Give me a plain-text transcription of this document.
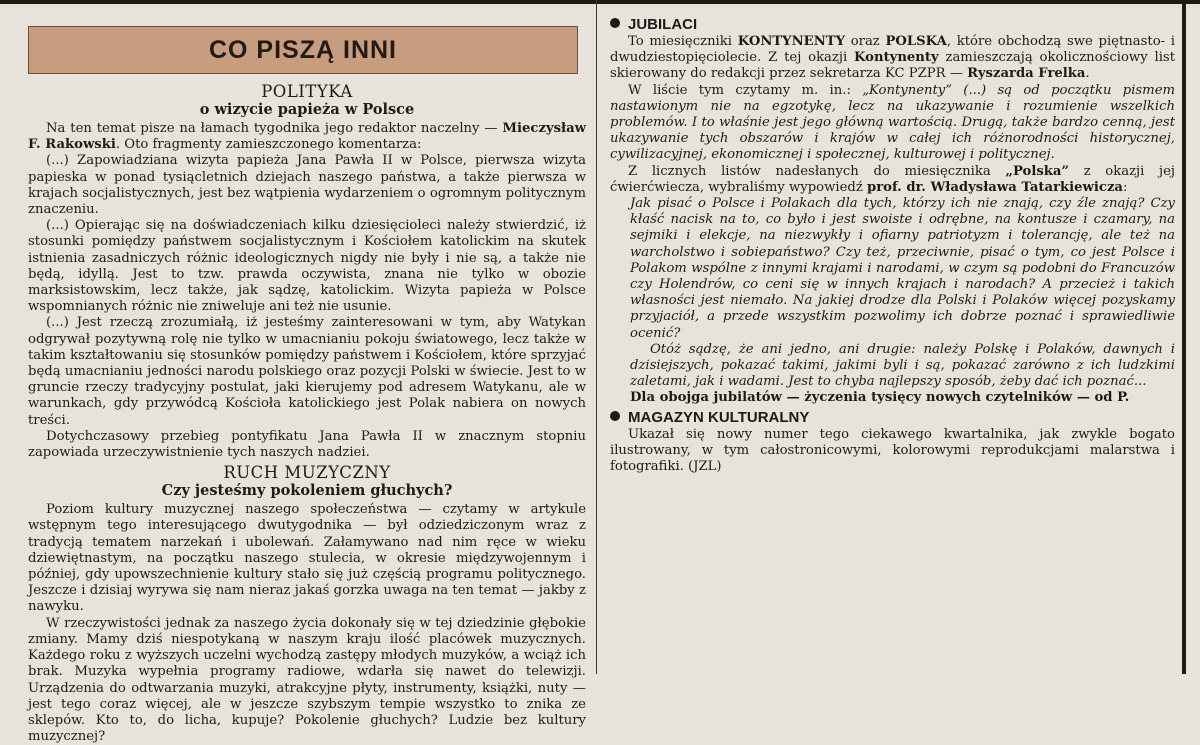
CO PISZĄ INNI
POLITYKA
o wizycie papieża w Polsce

Na ten temat pisze na łamach tygodnika jego redaktor naczelny — Mieczysław F. Rakowski. Oto fragmenty zamieszczonego komentarza:

(...) Zapowiadziana wizyta papieża Jana Pawła II w Polsce, pierwsza wizyta papieska w ponad tysiącletnich dziejach naszego państwa, a także pierwsza w krajach socjalistycznych, jest bez wątpienia wydarzeniem o ogromnym politycznym znaczeniu.

(...) Opierając się na doświadczeniach kilku dziesięcioleci należy stwierdzić, iż stosunki pomiędzy państwem socjalistycznym i Kościołem katolickim na skutek istnienia zasadniczych różnic ideologicznych nigdy nie były i nie są, a także nie będą, idyllą. Jest to tzw. prawda oczywista, znana nie tylko w obozie marksistowskim, lecz także, jak sądzę, katolickim. Wizyta papieża w Polsce wspomnianych różnic nie zniweluje ani też nie usunie.

(...) Jest rzeczą zrozumiałą, iż jesteśmy zainteresowani w tym, aby Watykan odgrywał pozytywną rolę nie tylko w umacnianiu pokoju światowego, lecz także w takim kształtowaniu się stosunków pomiędzy państwem i Kościołem, które sprzyjać będą umacnianiu jedności narodu polskiego oraz pozycji Polski w świecie. Jest to w gruncie rzeczy tradycyjny postulat, jaki kierujemy pod adresem Watykanu, ale w warunkach, gdy przywódcą Kościoła katolickiego jest Polak nabiera on nowych treści.

Dotychczasowy przebieg pontyfikatu Jana Pawła II w znacznym stopniu zapowiada urzeczywistnienie tych naszych nadziei.

RUCH MUZYCZNY
Czy jesteśmy pokoleniem głuchych?

Poziom kultury muzycznej naszego społeczeństwa — czytamy w artykule wstępnym tego interesującego dwutygodnika — był odziedziczonym wraz z tradycją tematem narzekań i ubolewań. Załamywano nad nim ręce w wieku dziewiętnastym, na początku naszego stulecia, w okresie międzywojennym i później, gdy upowszechnienie kultury stało się już częścią programu politycznego. Jeszcze i dzisiaj wyrywa się nam nieraz jakaś gorzka uwaga na ten temat — jakby z nawyku.

W rzeczywistości jednak za naszego życia dokonały się w tej dziedzinie głębokie zmiany. Mamy dziś niespotykaną w naszym kraju ilość placówek muzycznych. Każdego roku z wyższych uczelni wychodzą zastępy młodych muzyków, a wciąż ich brak. Muzyka wypełnia programy radiowe, wdarła się nawet do telewizji. Urządzenia do odtwarzania muzyki, atrakcyjne płyty, instrumenty, książki, nuty — jest tego coraz więcej, ale w jeszcze szybszym tempie wszystko to znika ze sklepów. Kto to, do licha, kupuje? Pokolenie głuchych? Ludzie bez kultury muzycznej?

JUBILACI

To miesięczniki KONTYNENTY oraz POLSKA, które obchodzą swe piętnasto- i dwudziestopięciolecie. Z tej okazji Kontynenty zamieszczają okolicznościowy list skierowany do redakcji przez sekretarza KC PZPR — Ryszarda Frelka.

W liście tym czytamy m. in.: „Kontynenty” (...) są od początku pismem nastawionym nie na egzotykę, lecz na ukazywanie i rozumienie wszelkich problemów. I to właśnie jest jego główną wartością. Drugą, także bardzo cenną, jest ukazywanie tych obszarów i krajów w całej ich różnorodności historycznej, cywilizacyjnej, ekonomicznej i społecznej, kulturowej i politycznej.

Z licznych listów nadesłanych do miesięcznika „Polska” z okazji jej ćwierćwiecza, wybraliśmy wypowiedź prof. dr. Władysława Tatarkiewicza:

Jak pisać o Polsce i Polakach dla tych, którzy ich nie znają, czy źle znają? Czy kłaść nacisk na to, co było i jest swoiste i odrębne, na kontusze i czamary, na sejmiki i elekcje, na niezwykły i ofiarny patriotyzm i tolerancję, ale też na warcholstwo i sobiepaństwo? Czy też, przeciwnie, pisać o tym, co jest Polsce i Polakom wspólne z innymi krajami i narodami, w czym są podobni do Francuzów czy Holendrów, co ceni się w innych krajach i narodach? A przecież i takich własności jest niemało. Na jakiej drodze dla Polski i Polaków więcej pozyskamy przyjaciół, a przede wszystkim pozwolimy ich dobrze poznać i sprawiedliwie ocenić?

Otóż sądzę, że ani jedno, ani drugie: należy Polskę i Polaków, dawnych i dzisiejszych, pokazać takimi, jakimi byli i są, pokazać zarówno z ich ludzkimi zaletami, jak i wadami. Jest to chyba najlepszy sposób, żeby dać ich poznać...

Dla obojga jubilatów — życzenia tysięcy nowych czytelników — od P.

MAGAZYN KULTURALNY

Ukazał się nowy numer tego ciekawego kwartalnika, jak zwykle bogato ilustrowany, w tym całostronicowymi, kolorowymi reprodukcjami malarstwa i fotografiki. (JZL)
